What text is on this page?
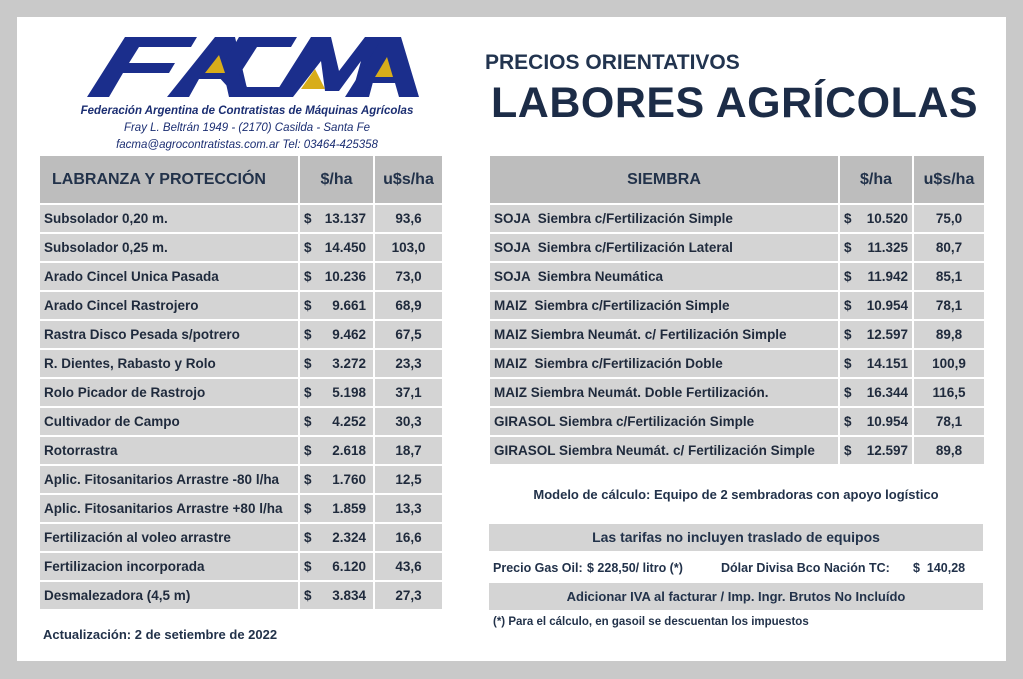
Federación Argentina de Contratistas de Máquinas Agrícolas
Fray L. Beltrán 1949 - (2170) Casilda - Santa Fe
facma@agrocontratistas.com.ar Tel: 03464-425358
PRECIOS ORIENTATIVOS
LABORES AGRÍCOLAS
LABRANZA Y PROTECCIÓN	$/ha	u$s/ha
Subsolador 0,20 m.	$ 13.137	93,6
Subsolador 0,25 m.	$ 14.450	103,0
Arado Cincel Unica Pasada	$ 10.236	73,0
Arado Cincel Rastrojero	$ 9.661	68,9
Rastra Disco Pesada s/potrero	$ 9.462	67,5
R. Dientes, Rabasto y Rolo	$ 3.272	23,3
Rolo Picador de Rastrojo	$ 5.198	37,1
Cultivador de Campo	$ 4.252	30,3
Rotorrastra	$ 2.618	18,7
Aplic. Fitosanitarios Arrastre -80 l/ha	$ 1.760	12,5
Aplic. Fitosanitarios Arrastre +80 l/ha	$ 1.859	13,3
Fertilización al voleo arrastre	$ 2.324	16,6
Fertilizacion incorporada	$ 6.120	43,6
Desmalezadora (4,5 m)	$ 3.834	27,3
SIEMBRA	$/ha	u$s/ha
SOJA  Siembra c/Fertilización Simple	$ 10.520	75,0
SOJA  Siembra c/Fertilización Lateral	$ 11.325	80,7
SOJA  Siembra Neumática	$ 11.942	85,1
MAIZ  Siembra c/Fertilización Simple	$ 10.954	78,1
MAIZ Siembra Neumát. c/ Fertilización Simple	$ 12.597	89,8
MAIZ  Siembra c/Fertilización Doble	$ 14.151	100,9
MAIZ Siembra Neumát. Doble Fertilización.	$ 16.344	116,5
GIRASOL Siembra c/Fertilización Simple	$ 10.954	78,1
GIRASOL Siembra Neumát. c/ Fertilización Simple	$ 12.597	89,8
Modelo de cálculo: Equipo de 2 sembradoras con apoyo logístico
Las tarifas no incluyen traslado de equipos
Precio Gas Oil: $ 228,50/ litro (*)	Dólar Divisa Bco Nación TC: $  140,28
Adicionar IVA al facturar / Imp. Ingr. Brutos No Incluído
(*) Para el cálculo, en gasoil se descuentan los impuestos
Actualización: 2 de setiembre de 2022
